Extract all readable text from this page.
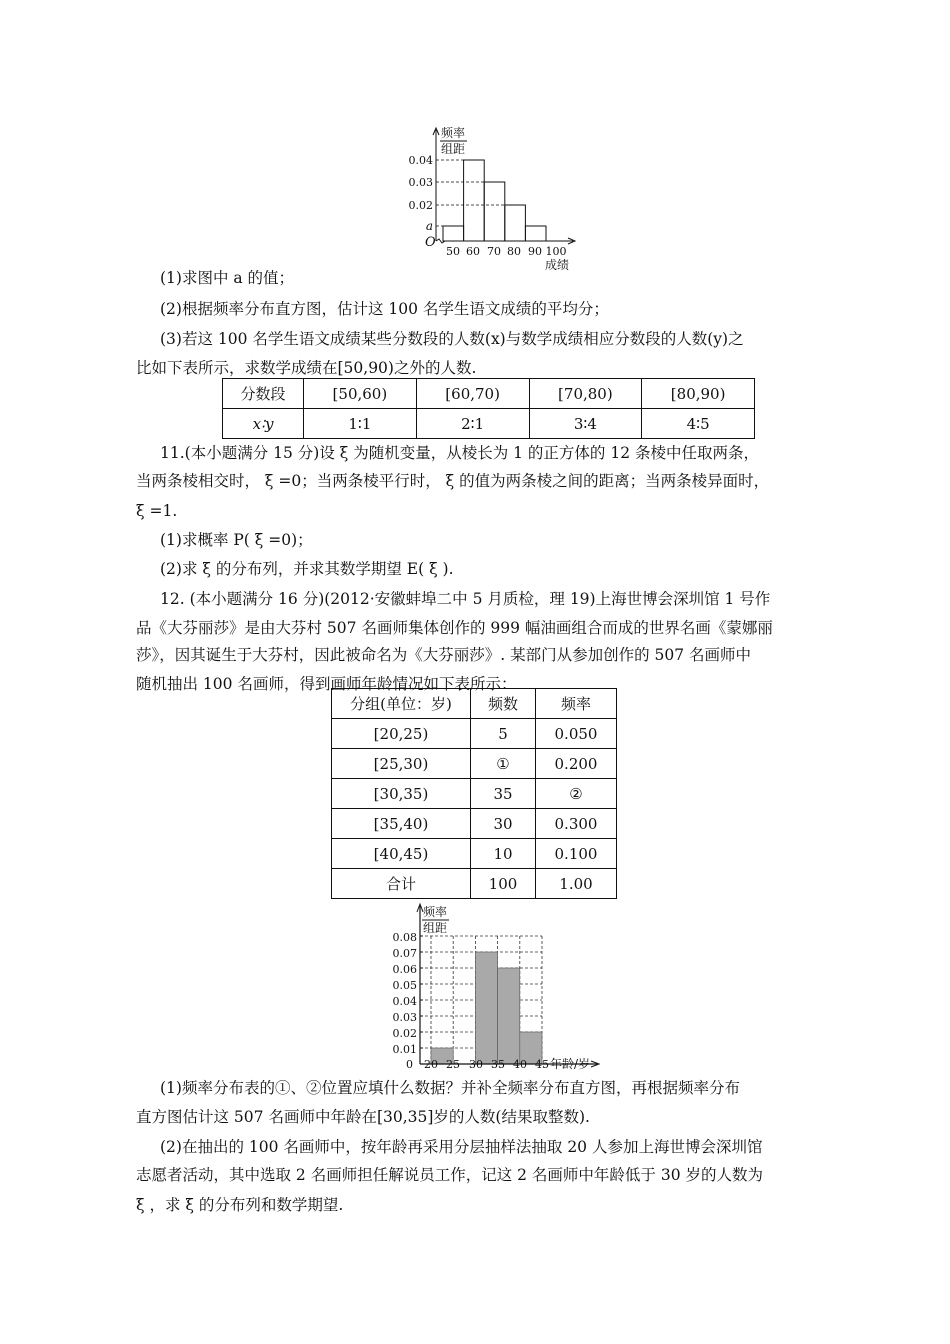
频率
组距
0.04
0.03
0.02
a
O
50 60 70 80 90 100
成绩
(1)求图中 a 的值；
(2)根据频率分布直方图，估计这 100 名学生语文成绩的平均分；
(3)若这 100 名学生语文成绩某些分数段的人数(x)与数学成绩相应分数段的人数(y)之
比如下表所示，求数学成绩在[50,90)之外的人数.
分数段	[50,60)	[60,70)	[70,80)	[80,90)
x∶y	1∶1	2∶1	3∶4	4∶5
11.(本小题满分 15 分)设 ξ 为随机变量，从棱长为 1 的正方体的 12 条棱中任取两条，
当两条棱相交时， ξ =0；当两条棱平行时， ξ 的值为两条棱之间的距离；当两条棱异面时，
ξ =1.
(1)求概率 P( ξ =0)；
(2)求 ξ 的分布列，并求其数学期望 E( ξ ).
12. (本小题满分 16 分)(2012·安徽蚌埠二中 5 月质检，理 19)上海世博会深圳馆 1 号作
品《大芬丽莎》是由大芬村 507 名画师集体创作的 999 幅油画组合而成的世界名画《蒙娜丽
莎》，因其诞生于大芬村，因此被命名为《大芬丽莎》. 某部门从参加创作的 507 名画师中
随机抽出 100 名画师，得到画师年龄情况如下表所示：
分组(单位：岁)	频数	频率
[20,25)	5	0.050
[25,30)	①	0.200
[30,35)	35	②
[35,40)	30	0.300
[40,45)	10	0.100
合计	100	1.00
频率
组距
0.08
0.07
0.06
0.05
0.04
0.03
0.02
0.01
0 20 25 30 35 40 45 年龄/岁
(1)频率分布表的①、②位置应填什么数据？并补全频率分布直方图，再根据频率分布
直方图估计这 507 名画师中年龄在[30,35]岁的人数(结果取整数).
(2)在抽出的 100 名画师中，按年龄再采用分层抽样法抽取 20 人参加上海世博会深圳馆
志愿者活动，其中选取 2 名画师担任解说员工作，记这 2 名画师中年龄低于 30 岁的人数为
ξ ，求 ξ 的分布列和数学期望.
